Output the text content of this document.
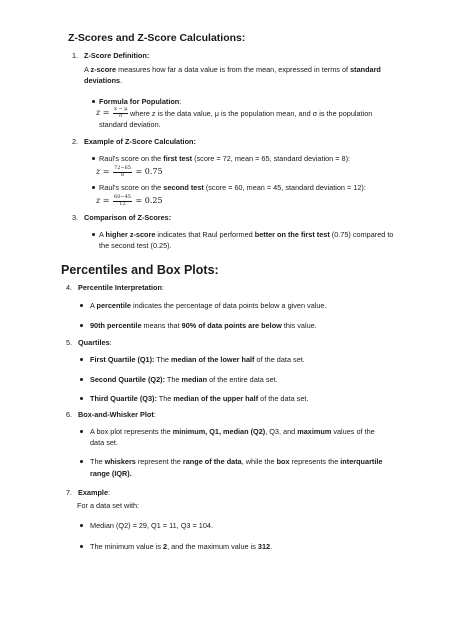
Z-Scores and Z-Score Calculations:
1. Z-Score Definition:
A z-score measures how far a data value is from the mean, expressed in terms of standard
deviations.
Formula for Population:
$z = \frac{x - \mu}{\sigma}$ where z is the data value, μ is the population mean, and σ is the population
standard deviation.
2. Example of Z-Score Calculation:
Raul's score on the first test (score = 72, mean = 65, standard deviation = 8):
$z = \frac{72-65}{8} = 0.75$
Raul's score on the second test (score = 60, mean = 45, standard deviation = 12):
$z = \frac{60-45}{12} = 0.25$
3. Comparison of Z-Scores:
A higher z-score indicates that Raul performed better on the first test (0.75) compared to
the second test (0.25).
Percentiles and Box Plots:
4. Percentile Interpretation:
A percentile indicates the percentage of data points below a given value.
90th percentile means that 90% of data points are below this value.
5. Quartiles:
First Quartile (Q1): The median of the lower half of the data set.
Second Quartile (Q2): The median of the entire data set.
Third Quartile (Q3): The median of the upper half of the data set.
6. Box-and-Whisker Plot:
A box plot represents the minimum, Q1, median (Q2), Q3, and maximum values of the
data set.
The whiskers represent the range of the data, while the box represents the interquartile
range (IQR).
7. Example:
For a data set with:
Median (Q2) = 29, Q1 = 11, Q3 = 104.
The minimum value is 2, and the maximum value is 312.
